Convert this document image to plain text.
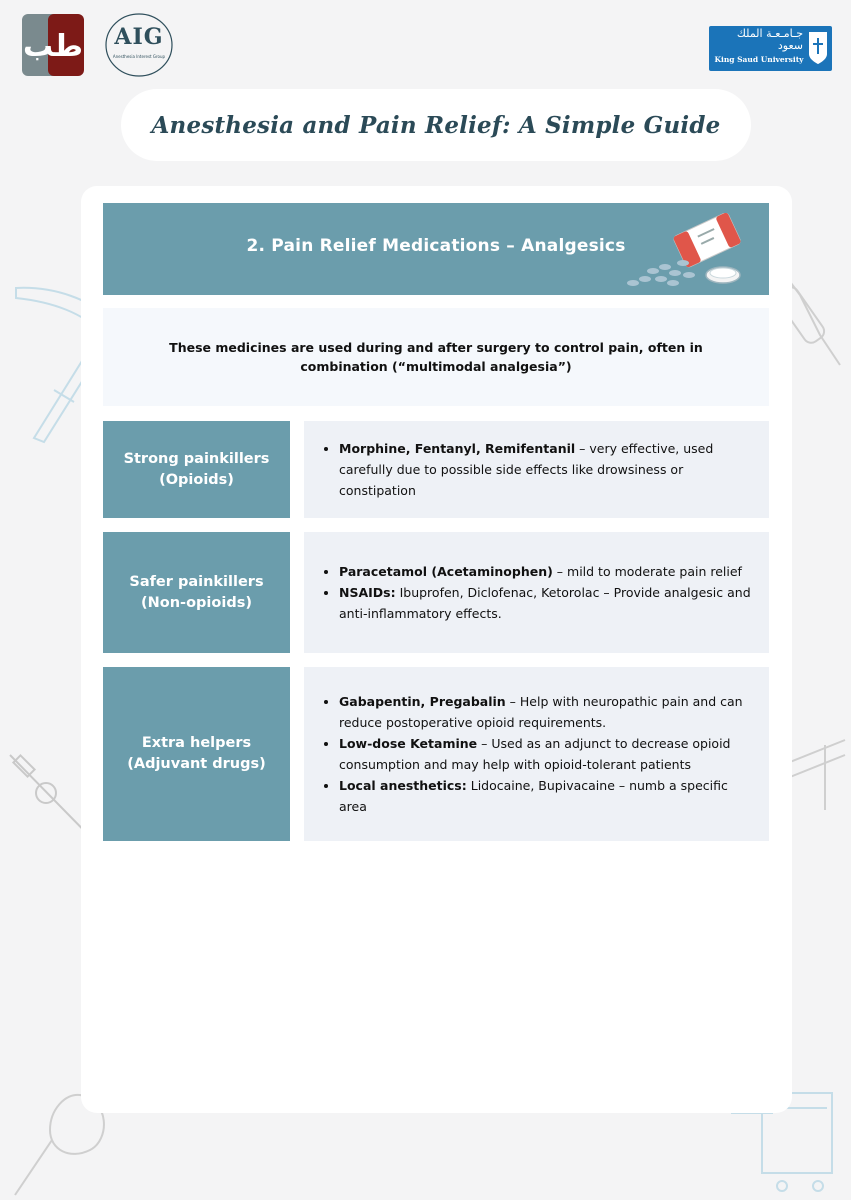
طب	AIG
Anesthesia Interest Group
جـامـعـة الملك سعود
King Saud University
Anesthesia and Pain Relief: A Simple Guide
2. Pain Relief Medications – Analgesics
These medicines are used during and after surgery to control pain, often in combination (“multimodal analgesia”)
Strong painkillers
(Opioids)
• Morphine, Fentanyl, Remifentanil – very effective, used carefully due to possible side effects like drowsiness or constipation
Safer painkillers
(Non-opioids)
• Paracetamol (Acetaminophen) – mild to moderate pain relief
• NSAIDs: Ibuprofen, Diclofenac, Ketorolac – Provide analgesic and anti-inflammatory effects.
Extra helpers
(Adjuvant drugs)
• Gabapentin, Pregabalin – Help with neuropathic pain and can reduce postoperative opioid requirements.
• Low-dose Ketamine – Used as an adjunct to decrease opioid consumption and may help with opioid-tolerant patients
• Local anesthetics: Lidocaine, Bupivacaine – numb a specific area
